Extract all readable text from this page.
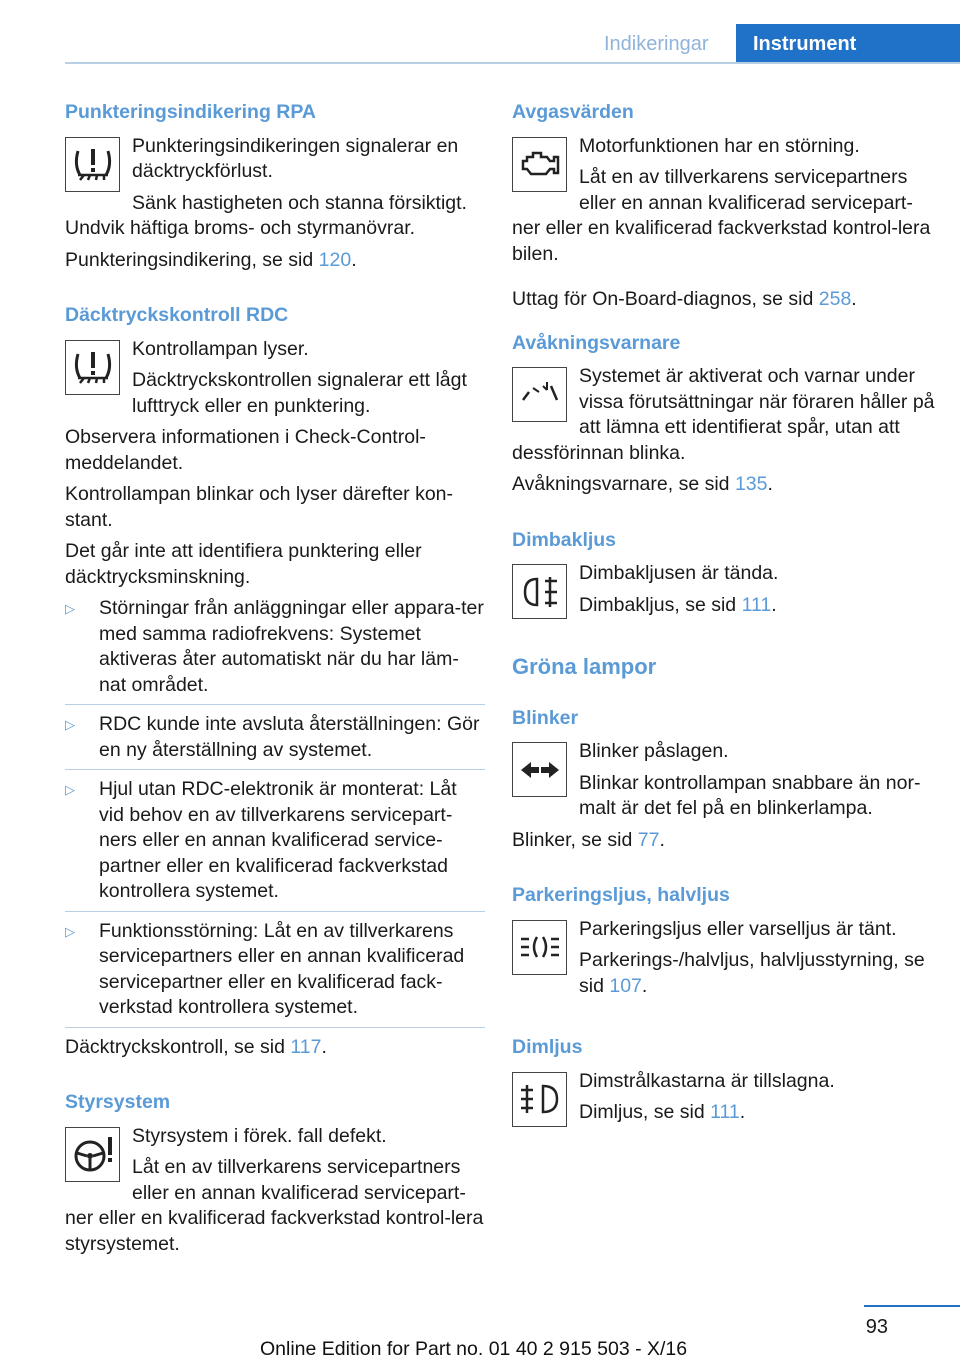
Indikeringar	Instrument
Punkteringsindikering RPA

Punkteringsindikeringen signalerar en däcktryckförlust.

Sänk hastigheten och stanna försiktigt. Undvik häftiga broms- och styrmanövrar.

Punkteringsindikering, se sid 120.

Däcktryckskontroll RDC

Kontrollampan lyser.

Däcktryckskontrollen signalerar ett lågt lufttryck eller en punktering.

Observera informationen i Check-Control-meddelandet.

Kontrollampan blinkar och lyser därefter kon-stant.

Det går inte att identifiera punktering eller däcktrycksminskning.

▷ Störningar från anläggningar eller appara-ter med samma radiofrekvens: Systemet aktiveras åter automatiskt när du har läm-nat området.
▷ RDC kunde inte avsluta återställningen: Gör en ny återställning av systemet.
▷ Hjul utan RDC-elektronik är monterat: Låt vid behov en av tillverkarens servicepart-ners eller en annan kvalificerad service-partner eller en kvalificerad fackverkstad kontrollera systemet.
▷ Funktionsstörning: Låt en av tillverkarens servicepartners eller en annan kvalificerad servicepartner eller en kvalificerad fack-verkstad kontrollera systemet.

Däcktryckskontroll, se sid 117.

Styrsystem

Styrsystem i förek. fall defekt.

Låt en av tillverkarens servicepartners eller en annan kvalificerad servicepart-ner eller en kvalificerad fackverkstad kontrol-lera styrsystemet.

Avgasvärden

Motorfunktionen har en störning.

Låt en av tillverkarens servicepartners eller en annan kvalificerad servicepart-ner eller en kvalificerad fackverkstad kontrol-lera bilen.

Uttag för On-Board-diagnos, se sid 258.

Avåkningsvarnare

Systemet är aktiverat och varnar under vissa förutsättningar när föraren håller på att lämna ett identifierat spår, utan att dessförinnan blinka.

Avåkningsvarnare, se sid 135.

Dimbakljus

Dimbakljusen är tända.

Dimbakljus, se sid 111.

Gröna lampor
Blinker

Blinker påslagen.

Blinkar kontrollampan snabbare än nor-malt är det fel på en blinkerlampa.

Blinker, se sid 77.

Parkeringsljus, halvljus

Parkeringsljus eller varselljus är tänt.

Parkerings-/halvljus, halvljusstyrning, se sid 107.

Dimljus

Dimstrålkastarna är tillslagna.

Dimljus, se sid 111.

93
Online Edition for Part no. 01 40 2 915 503 - X/16
